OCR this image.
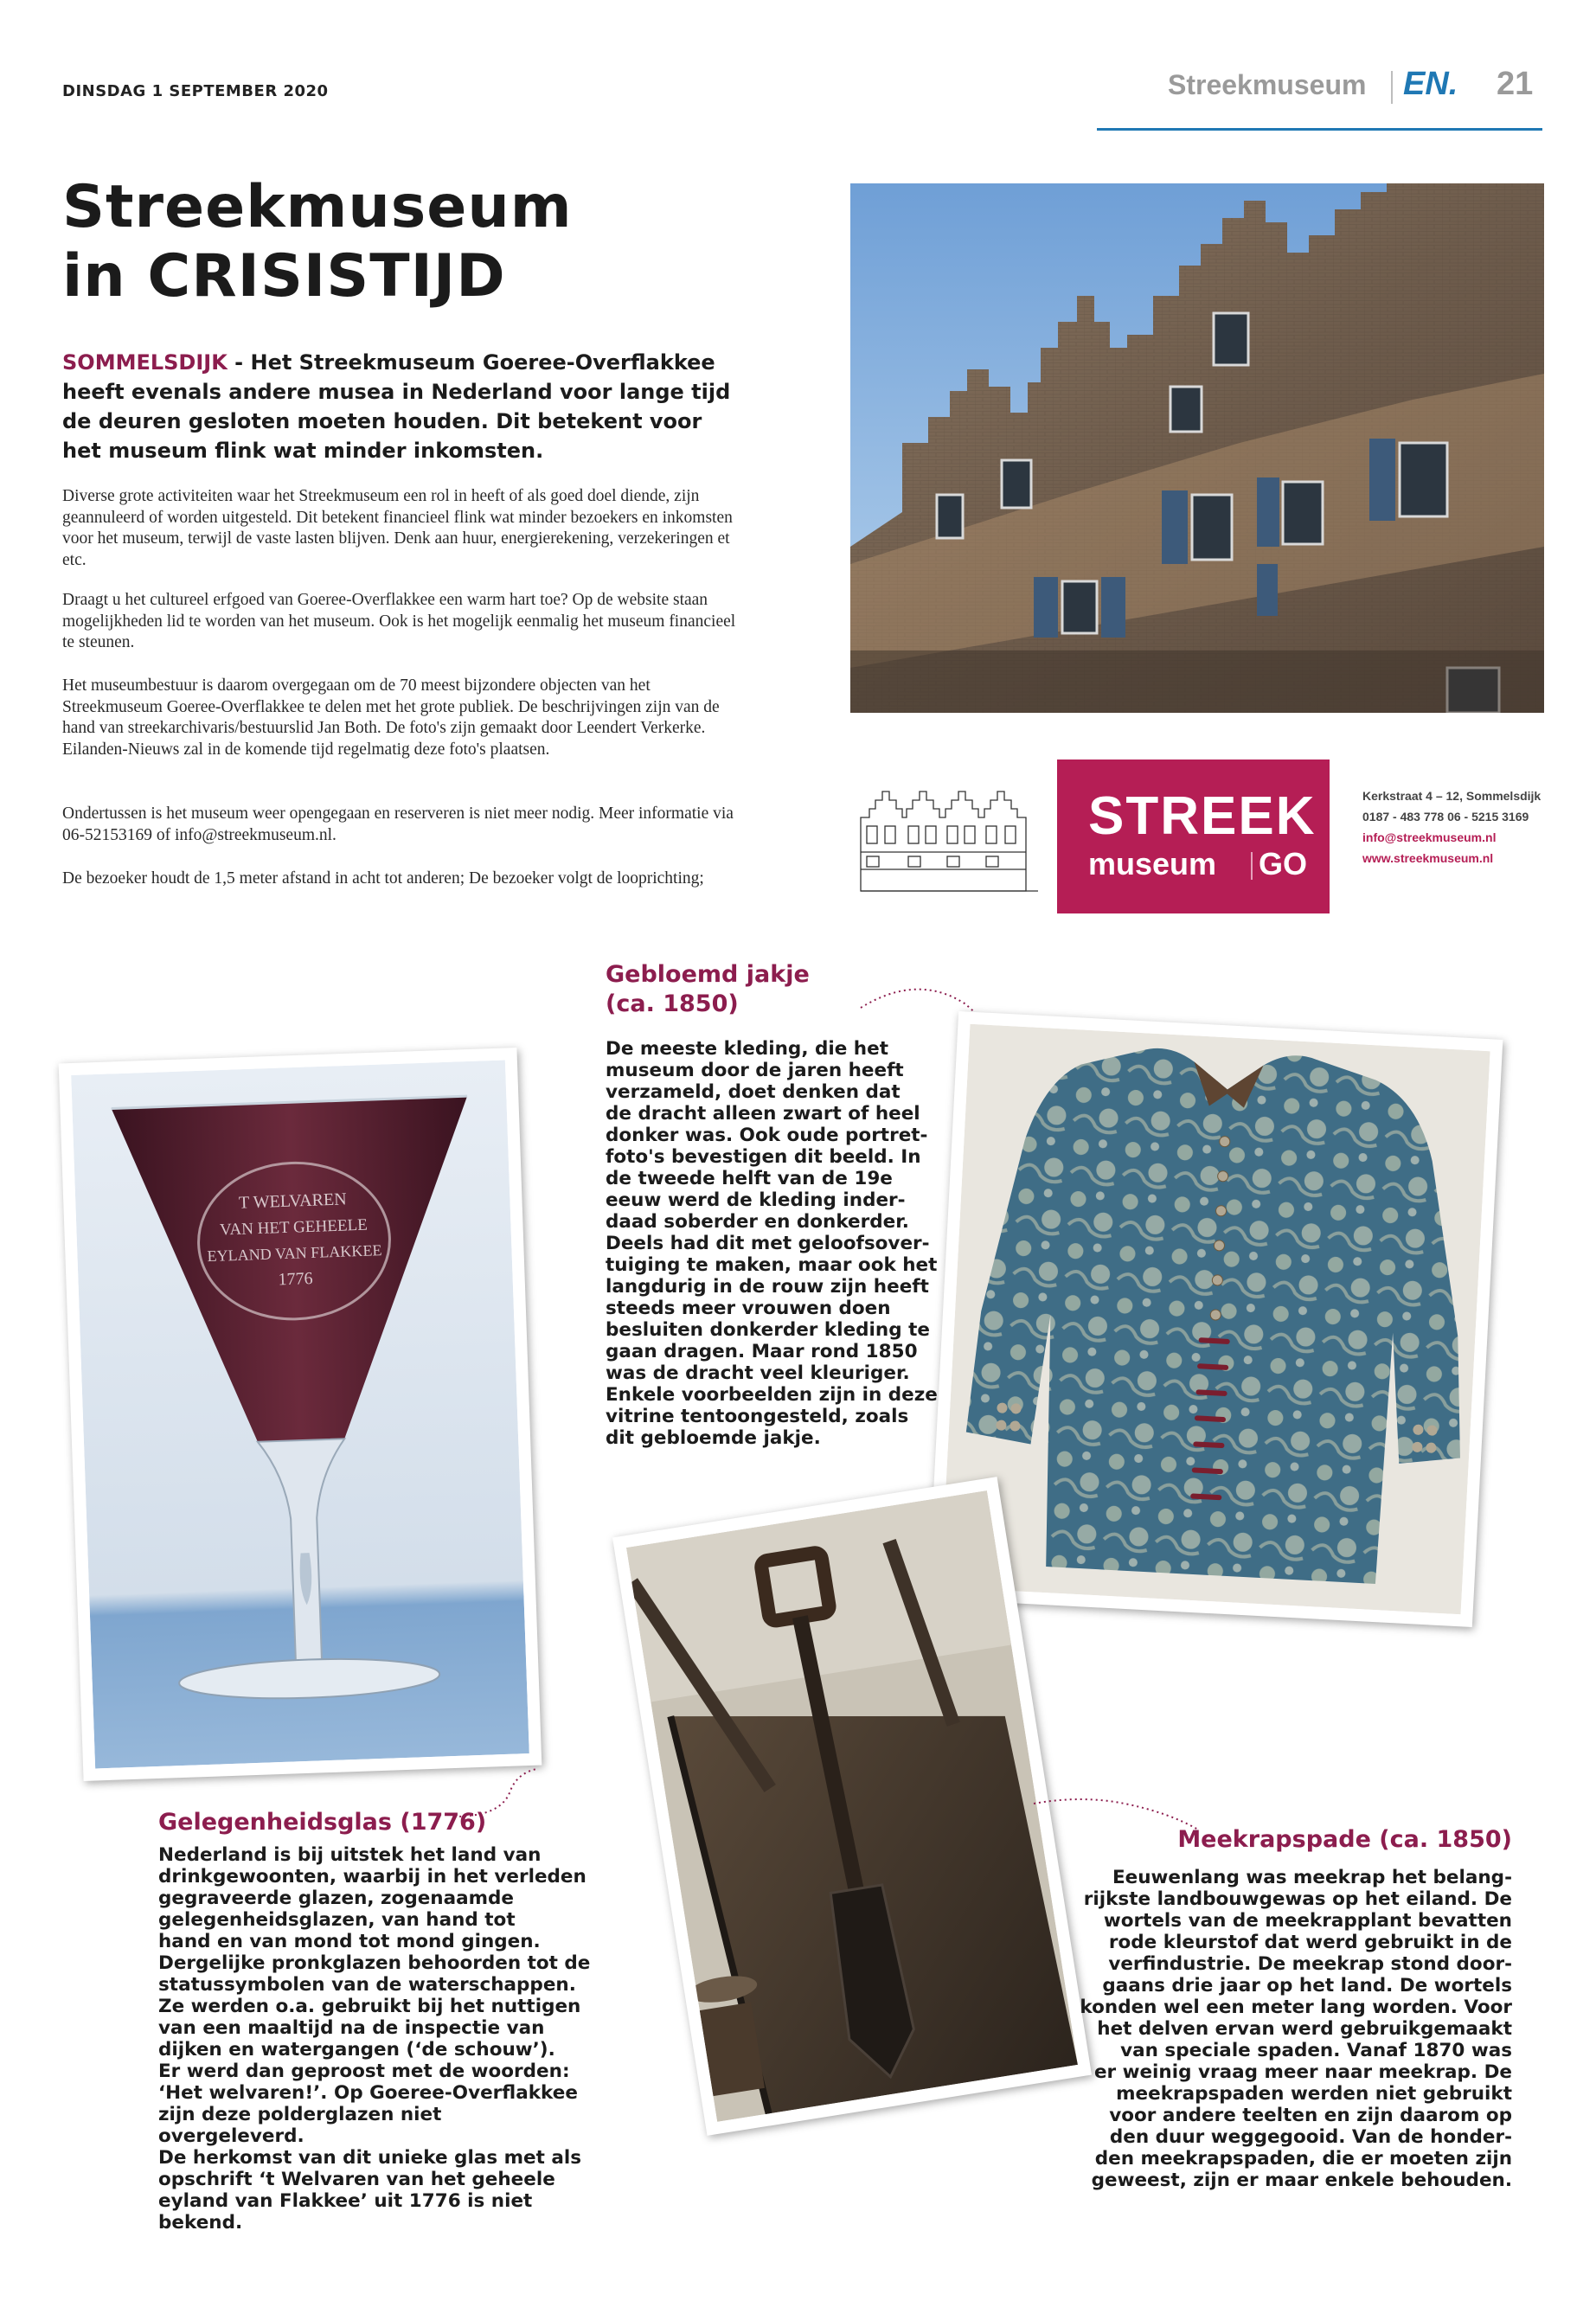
DINSDAG 1 SEPTEMBER 2020	Streekmuseum EN. 21
Streekmuseum
in CRISISTIJD
SOMMELSDIJK - Het Streekmuseum Goeree-Overflakkee heeft evenals andere musea in Nederland voor lange tijd de deuren gesloten moeten houden. Dit betekent voor het museum flink wat minder inkomsten.
Diverse grote activiteiten waar het Streekmuseum een rol in heeft of als goed doel diende, zijn geannuleerd of worden uitgesteld. Dit betekent financieel flink wat minder bezoekers en inkomsten voor het museum, terwijl de vaste lasten blijven. Denk aan huur, energierekening, verzekeringen et etc.
Draagt u het cultureel erfgoed van Goeree-Overflakkee een warm hart toe? Op de website staan mogelijkheden lid te worden van het museum. Ook is het mogelijk eenmalig het museum financieel te steunen.
Het museumbestuur is daarom overgegaan om de 70 meest bijzondere objecten van het Streekmuseum Goeree-Overflakkee te delen met het grote publiek. De beschrijvingen zijn van de hand van streekarchivaris/bestuurslid Jan Both. De foto's zijn gemaakt door Leendert Verkerke. Eilanden-Nieuws zal in de komende tijd regelmatig deze foto's plaatsen.
Ondertussen is het museum weer opengegaan en reserveren is niet meer nodig. Meer informatie via 06-52153169 of info@streekmuseum.nl.
De bezoeker houdt de 1,5 meter afstand in acht tot anderen; De bezoeker volgt de looprichting;
STREEK
museum GO
Kerkstraat 4 – 12, Sommelsdijk
0187 - 483 778 06 - 5215 3169
info@streekmuseum.nl
www.streekmuseum.nl
Gebloemd jakje
(ca. 1850)
De meeste kleding, die het
museum door de jaren heeft
verzameld, doet denken dat
de dracht alleen zwart of heel
donker was. Ook oude portret-
foto's bevestigen dit beeld. In
de tweede helft van de 19e
eeuw werd de kleding inder-
daad soberder en donkerder.
Deels had dit met geloofsover-
tuiging te maken, maar ook het
langdurig in de rouw zijn heeft
steeds meer vrouwen doen
besluiten donkerder kleding te
gaan dragen. Maar rond 1850
was de dracht veel kleuriger.
Enkele voorbeelden zijn in deze
vitrine tentoongesteld, zoals
dit gebloemde jakje.
T WELVAREN
VAN HET GEHEELE
EYLAND VAN FLAKKEE
1776
Gelegenheidsglas (1776)
Nederland is bij uitstek het land van
drinkgewoonten, waarbij in het verleden
gegraveerde glazen, zogenaamde
gelegenheidsglazen, van hand tot
hand en van mond tot mond gingen.
Dergelijke pronkglazen behoorden tot de
statussymbolen van de waterschappen.
Ze werden o.a. gebruikt bij het nuttigen
van een maaltijd na de inspectie van
dijken en watergangen (‘de schouw’).
Er werd dan geproost met de woorden:
‘Het welvaren!’. Op Goeree-Overflakkee
zijn deze polderglazen niet overgeleverd.
De herkomst van dit unieke glas met als
opschrift ‘t Welvaren van het geheele
eyland van Flakkee’ uit 1776 is niet
bekend.
Meekrapspade (ca. 1850)
Eeuwenlang was meekrap het belang-
rijkste landbouwgewas op het eiland. De
wortels van de meekrapplant bevatten
rode kleurstof dat werd gebruikt in de
verfindustrie. De meekrap stond door-
gaans drie jaar op het land. De wortels
konden wel een meter lang worden. Voor
het delven ervan werd gebruikgemaakt
van speciale spaden. Vanaf 1870 was
er weinig vraag meer naar meekrap. De
meekrapspaden werden niet gebruikt
voor andere teelten en zijn daarom op
den duur weggegooid. Van de honder-
den meekrapspaden, die er moeten zijn
geweest, zijn er maar enkele behouden.
